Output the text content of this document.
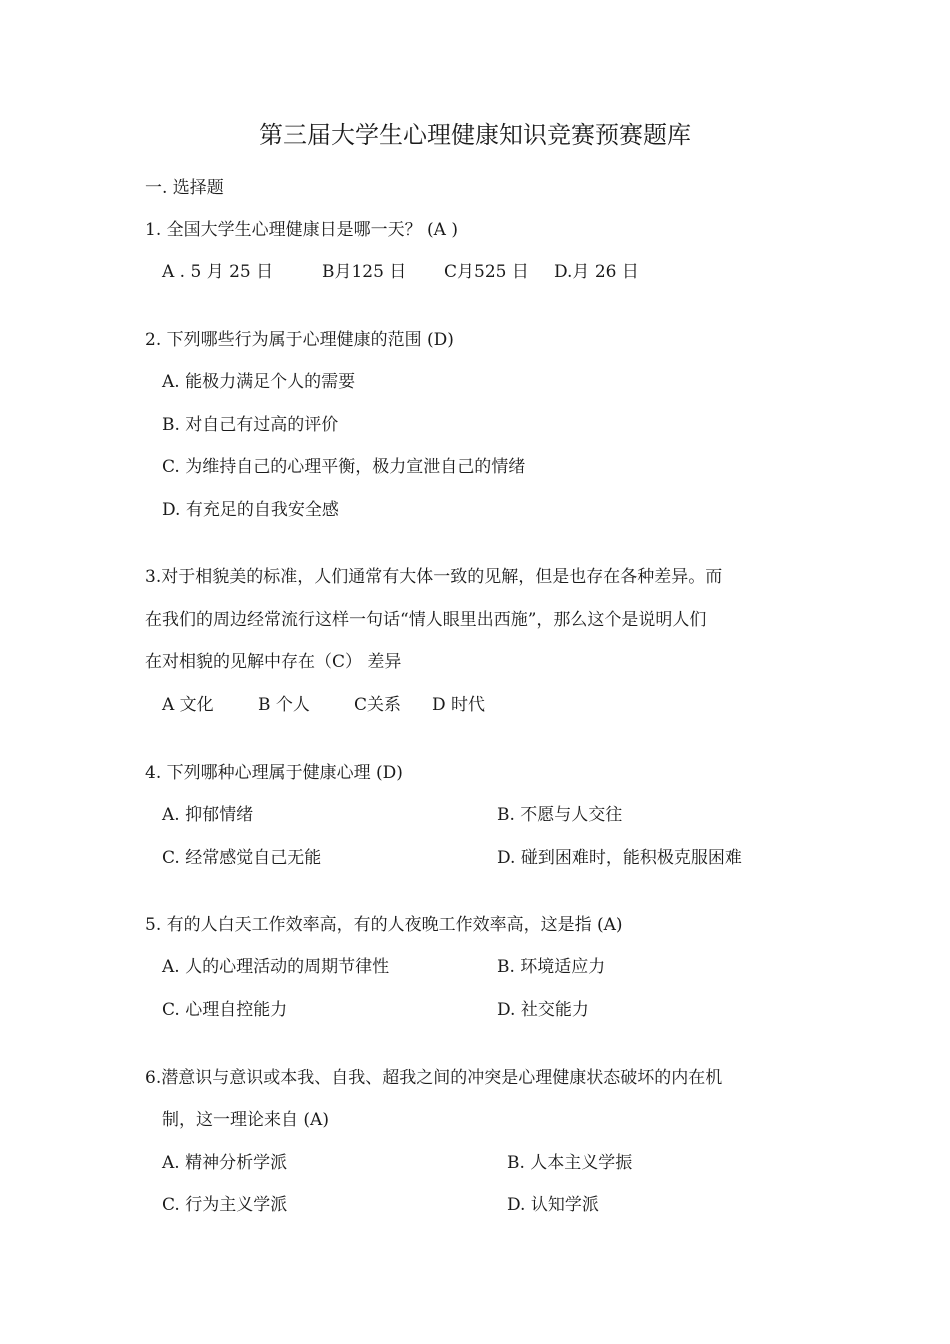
第三届大学生心理健康知识竞赛预赛题库
一. 选择题
1. 全国大学生心理健康日是哪一天？ (A )
A . 5 月 25 日	B月125 日 C月525 日 D.月 26 日
2. 下列哪些行为属于心理健康的范围 (D)
A. 能极力满足个人的需要
B. 对自己有过高的评价
C. 为维持自己的心理平衡，极力宣泄自己的情绪
D. 有充足的自我安全感
3.对于相貌美的标准，人们通常有大体一致的见解，但是也存在各种差异。而
在我们的周边经常流行这样一句话“情人眼里出西施”，那么这个是说明人们
在对相貌的见解中存在（C） 差异
A 文化	B 个人	C关系 D 时代
4. 下列哪种心理属于健康心理 (D)
A. 抑郁情绪	B. 不愿与人交往
C. 经常感觉自己无能	D. 碰到困难时，能积极克服困难
5. 有的人白天工作效率高，有的人夜晚工作效率高，这是指 (A)
A. 人的心理活动的周期节律性	B. 环境适应力
C. 心理自控能力	D. 社交能力
6.潜意识与意识或本我、自我、超我之间的冲突是心理健康状态破坏的内在机
制，这一理论来自 (A)
A. 精神分析学派	B. 人本主义学振
C. 行为主义学派	D. 认知学派
